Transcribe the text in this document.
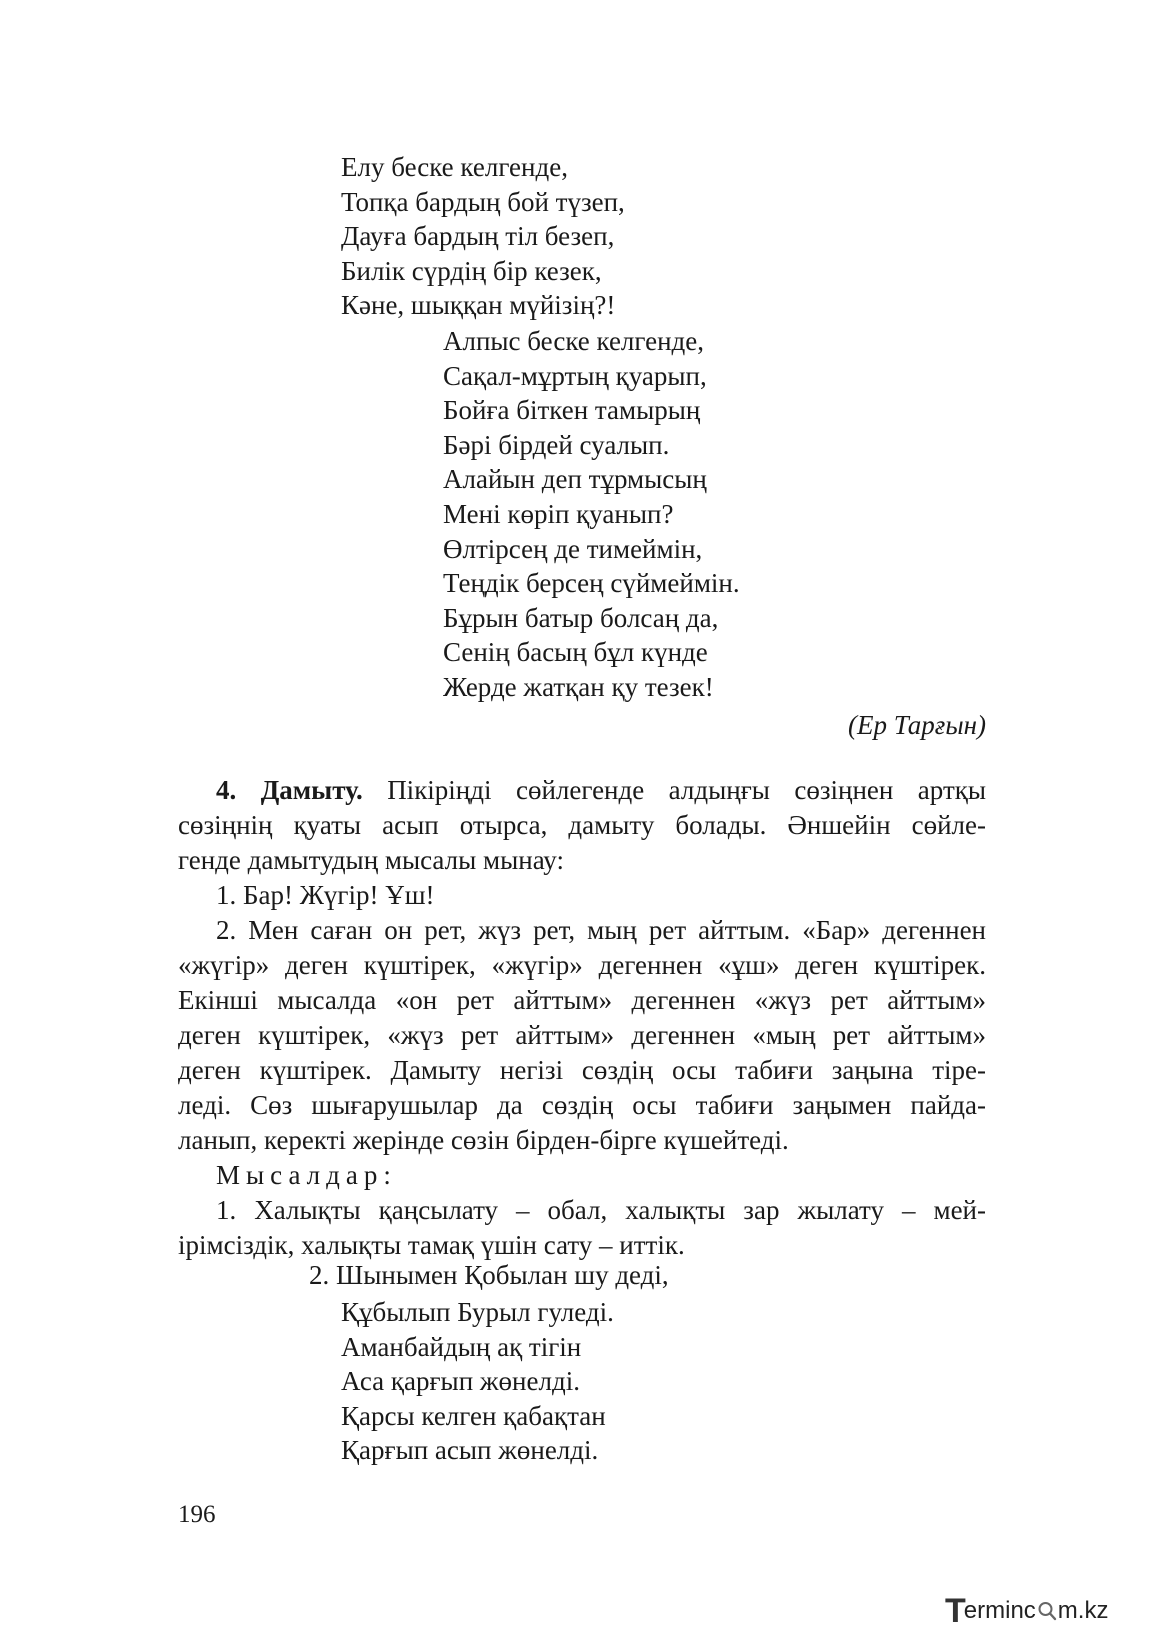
Елу беске келгенде,
Топқа бардың бой түзеп,
Дауға бардың тіл безеп,
Билік сүрдің бір кезек,
Кәне, шыққан мүйізің?!
Алпыс беске келгенде,
Сақал-мұртың қуарып,
Бойға біткен тамырың
Бәрі бірдей суалып.
Алайын деп тұрмысың
Мені көріп қуанып?
Өлтірсең де тимеймін,
Теңдік берсең сүймеймін.
Бұрын батыр болсаң да,
Сенің басың бұл күнде
Жерде жатқан қу тезек!
(Ер Тарғын)
4. Дамыту. Пікіріңді сөйлегенде алдыңғы сөзіңнен артқы
сөзіңнің қуаты асып отырса, дамыту болады. Әншейін сөйле-
генде дамытудың мысалы мынау:
1. Бар! Жүгір! Ұш!
2. Мен саған он рет, жүз рет, мың рет айттым. «Бар» дегеннен
«жүгір» деген күштірек, «жүгір» дегеннен «ұш» деген күштірек.
Екінші мысалда «он рет айттым» дегеннен «жүз рет айттым»
деген күштірек, «жүз рет айттым» дегеннен «мың рет айттым»
деген күштірек. Дамыту негізі сөздің осы табиғи заңына тіре-
леді. Сөз шығарушылар да сөздің осы табиғи заңымен пайда-
ланып, керекті жерінде сөзін бірден-бірге күшейтеді.
Мысалдар:
1. Халықты қаңсылату – обал, халықты зар жылату – мей-
ірімсіздік, халықты тамақ үшін сату – иттік.
2. Шынымен Қобылан шу деді,
Құбылып Бурыл гуледі.
Аманбайдың ақ тігін
Аса қарғып жөнелді.
Қарсы келген қабақтан
Қарғып асып жөнелді.
196
T
erminc m.kz
